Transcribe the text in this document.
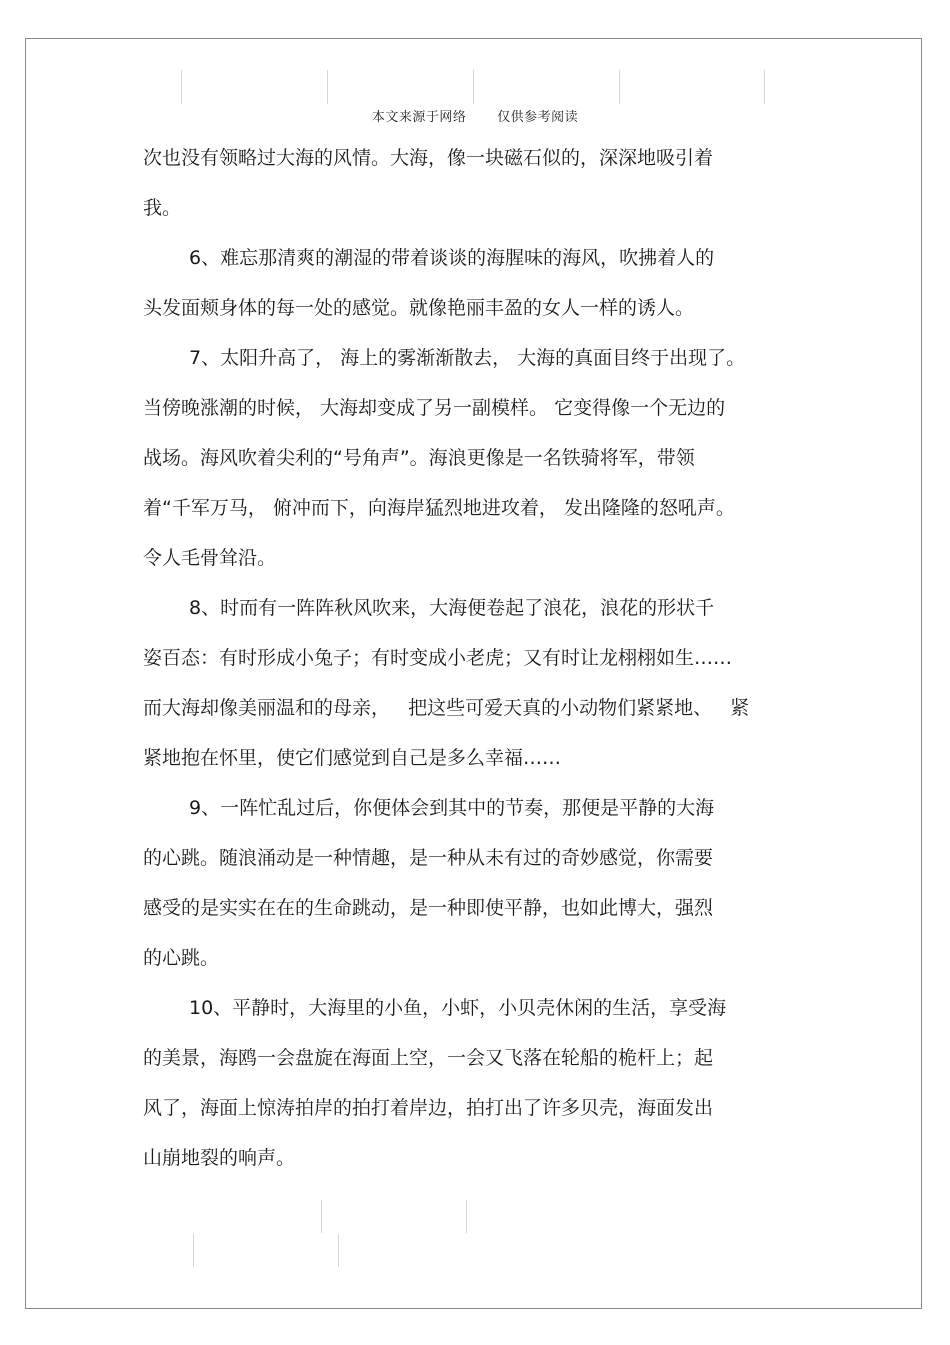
本文来源于网络 仅供参考阅读
次也没有领略过大海的风情。大海，像一块磁石似的，深深地吸引着
我。
6、难忘那清爽的潮湿的带着谈谈的海腥味的海风，吹拂着人的
头发面颊身体的每一处的感觉。就像艳丽丰盈的女人一样的诱人。
7、太阳升高了， 海上的雾渐渐散去， 大海的真面目终于出现了。
当傍晚涨潮的时候， 大海却变成了另一副模样。 它变得像一个无边的
战场。海风吹着尖利的“号角声”。海浪更像是一名铁骑将军，带领
着“千军万马， 俯冲而下，向海岸猛烈地进攻着， 发出隆隆的怒吼声。
令人毛骨耸沿。
8、时而有一阵阵秋风吹来，大海便卷起了浪花，浪花的形状千
姿百态：有时形成小兔子；有时变成小老虎；又有时让龙栩栩如生……
而大海却像美丽温和的母亲，   把这些可爱天真的小动物们紧紧地、   紧
紧地抱在怀里，使它们感觉到自己是多么幸福……
9、一阵忙乱过后，你便体会到其中的节奏，那便是平静的大海
的心跳。随浪涌动是一种情趣，是一种从未有过的奇妙感觉，你需要
感受的是实实在在的生命跳动，是一种即使平静，也如此博大，强烈
的心跳。
10、平静时，大海里的小鱼，小虾，小贝壳休闲的生活，享受海
的美景，海鸥一会盘旋在海面上空，一会又飞落在轮船的桅杆上；起
风了，海面上惊涛拍岸的拍打着岸边，拍打出了许多贝壳，海面发出
山崩地裂的响声。
